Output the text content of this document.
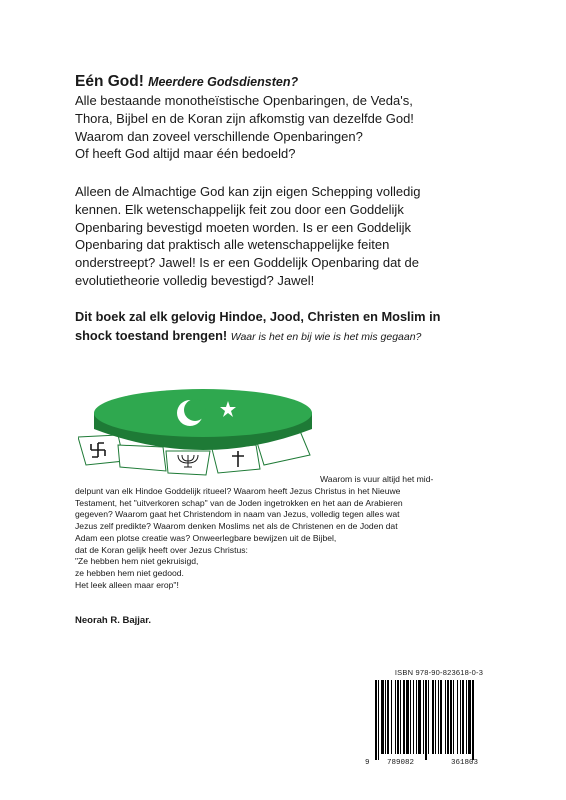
Eén God! Meerdere Godsdiensten?
Alle bestaande monotheïstische Openbaringen, de Veda's,
Thora, Bijbel en de Koran zijn afkomstig van dezelfde God!
Waarom dan zoveel verschillende Openbaringen?
Of heeft God altijd maar één bedoeld?
Alleen de Almachtige God kan zijn eigen Schepping volledig
kennen. Elk wetenschappelijk feit zou door een Goddelijk
Openbaring bevestigd moeten worden. Is er een Goddelijk
Openbaring dat praktisch alle wetenschappelijke feiten
onderstreept? Jawel! Is er een Goddelijk Openbaring dat de
evolutietheorie volledig bevestigd? Jawel!
Dit boek zal elk gelovig Hindoe, Jood, Christen en Moslim in
shock toestand brengen! Waar is het en bij wie is het mis gegaan?
Waarom is vuur altijd het mid-
delpunt van elk Hindoe Goddelijk ritueel? Waarom heeft Jezus Christus in het Nieuwe
Testament, het "uitverkoren schap" van de Joden ingetrokken en het aan de Arabieren
gegeven? Waarom gaat het Christendom in naam van Jezus, volledig tegen alles wat
Jezus zelf predikte? Waarom denken Moslims net als de Christenen en de Joden dat
Adam een plotse creatie was? Onweerlegbare bewijzen uit de Bijbel,
dat de Koran gelijk heeft over Jezus Christus:
"Ze hebben hem niet gekruisigd,
ze hebben hem niet gedood.
Het leek alleen maar erop"!
Neorah R. Bajjar.
ISBN 978-90-823618-0-3
9 789082	361803
